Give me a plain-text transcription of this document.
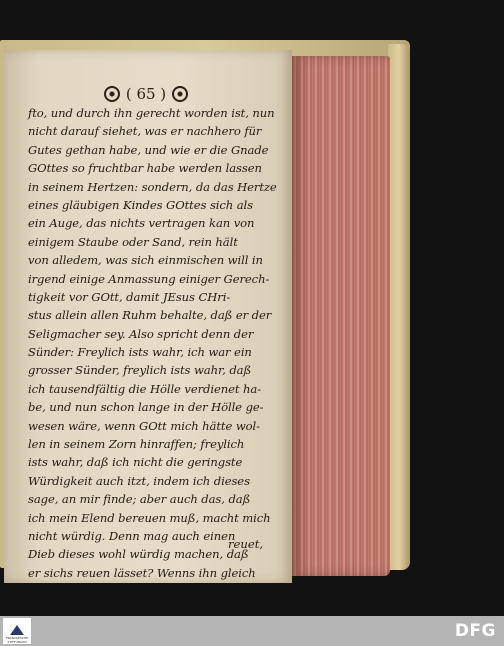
( 65 )
fto, und durch ihn gerecht worden ist, nun
nicht darauf siehet, was er nachhero für
Gutes gethan habe, und wie er die Gnade
GOttes so fruchtbar habe werden lassen
in seinem Hertzen: sondern, da das Hertze
eines gläubigen Kindes GOttes sich als
ein Auge, das nichts vertragen kan von
einigem Staube oder Sand, rein hält
von alledem, was sich einmischen will in
irgend einige Anmassung einiger Gerech-
tigkeit vor GOtt, damit JEsus CHri-
stus allein allen Ruhm behalte, daß er der
Seligmacher sey. Also spricht denn der
Sünder: Freylich ists wahr, ich war ein
grosser Sünder, freylich ists wahr, daß
ich tausendfältig die Hölle verdienet ha-
be, und nun schon lange in der Hölle ge-
wesen wäre, wenn GOtt mich hätte wol-
len in seinem Zorn hinraffen; freylich
ists wahr, daß ich nicht die geringste
Würdigkeit auch itzt, indem ich dieses
sage, an mir finde; aber auch das, daß
ich mein Elend bereuen muß, macht mich
nicht würdig. Denn mag auch einen
Dieb dieses wohl würdig machen, daß
er sichs reuen lässet? Wenns ihn gleich
reuet,
FRANCKESCHE STIFTUNGEN
DFG
